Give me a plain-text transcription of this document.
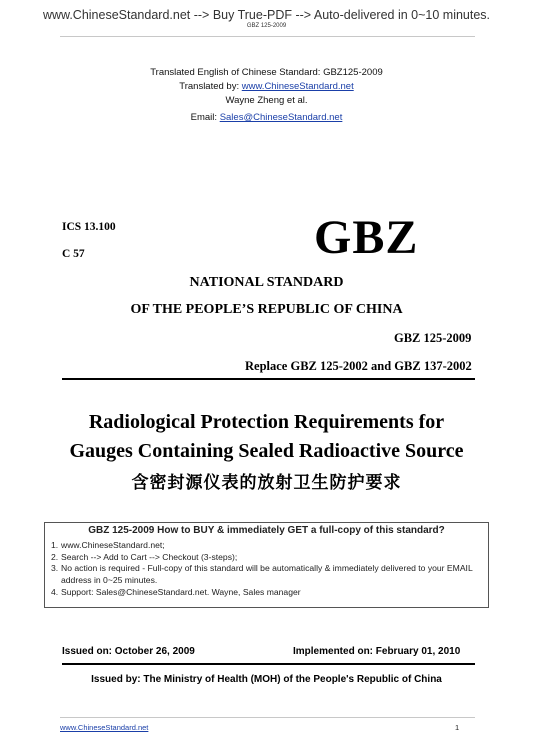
www.ChineseStandard.net --> Buy True-PDF --> Auto-delivered in 0~10 minutes.
GBZ 125-2009
Translated English of Chinese Standard: GBZ125-2009
Translated by: www.ChineseStandard.net
Wayne Zheng et al.
Email: Sales@ChineseStandard.net
ICS 13.100
C 57	GBZ
NATIONAL STANDARD
OF THE PEOPLE’S REPUBLIC OF CHINA
GBZ 125-2009
Replace GBZ 125-2002 and GBZ 137-2002
Radiological Protection Requirements for
Gauges Containing Sealed Radioactive Source
含密封源仪表的放射卫生防护要求
GBZ 125-2009 How to BUY & immediately GET a full-copy of this standard?
1. www.ChineseStandard.net;
2. Search --> Add to Cart --> Checkout (3-steps);
3. No action is required - Full-copy of this standard will be automatically & immediately delivered to your EMAIL address in 0~25 minutes.
4. Support: Sales@ChineseStandard.net. Wayne, Sales manager
Issued on: October 26, 2009	Implemented on: February 01, 2010
Issued by: The Ministry of Health (MOH) of the People's Republic of China
www.ChineseStandard.net	1
